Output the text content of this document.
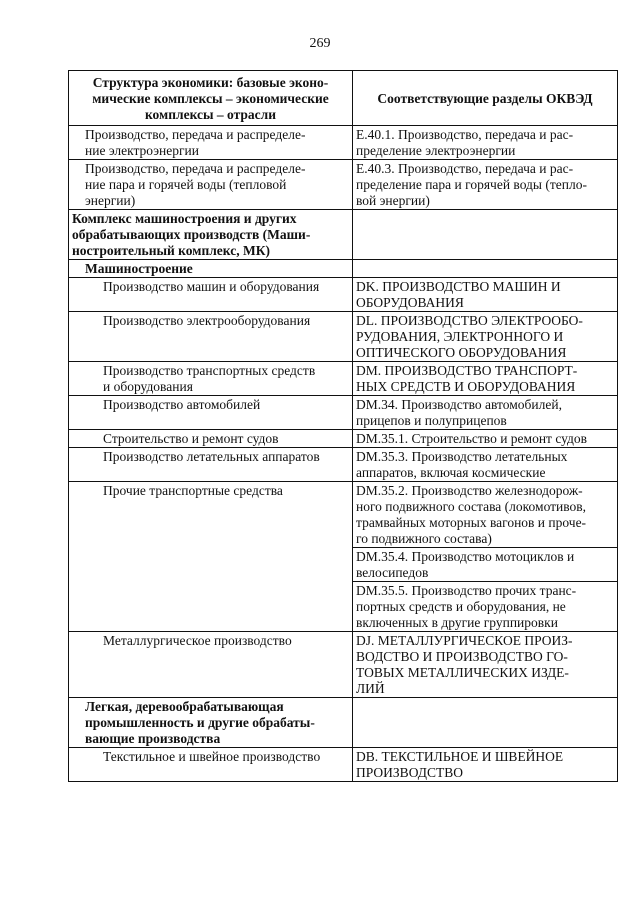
269
Структура экономики: базовые эконо-
мические комплексы – экономические
комплексы – отрасли	Соответствующие разделы ОКВЭД
Производство, передача и распределе-
ние электроэнергии	E.40.1. Производство, передача и рас-
пределение электроэнергии
Производство, передача и распределе-
ние пара и горячей воды (тепловой
энергии)	E.40.3. Производство, передача и рас-
пределение пара и горячей воды (тепло-
вой энергии)
Комплекс машиностроения и других
обрабатывающих производств (Маши-
ностроительный комплекс, МК)	
Машиностроение	
Производство машин и оборудования	DK. ПРОИЗВОДСТВО МАШИН И
ОБОРУДОВАНИЯ
Производство электрооборудования	DL. ПРОИЗВОДСТВО ЭЛЕКТРООБО-
РУДОВАНИЯ, ЭЛЕКТРОННОГО И
ОПТИЧЕСКОГО ОБОРУДОВАНИЯ
Производство транспортных средств
и оборудования	DM. ПРОИЗВОДСТВО ТРАНСПОРТ-
НЫХ СРЕДСТВ И ОБОРУДОВАНИЯ
Производство автомобилей	DM.34. Производство автомобилей,
прицепов и полуприцепов
Строительство и ремонт судов	DM.35.1. Строительство и ремонт судов
Производство летательных аппаратов	DM.35.3. Производство летательных
аппаратов, включая космические
Прочие транспортные средства	DM.35.2. Производство железнодорож-
ного подвижного состава (локомотивов,
трамвайных моторных вагонов и проче-
го подвижного состава)
	DM.35.4. Производство мотоциклов и
велосипедов
	DM.35.5. Производство прочих транс-
портных средств и оборудования, не
включенных в другие группировки
Металлургическое производство	DJ. МЕТАЛЛУРГИЧЕСКОЕ ПРОИЗ-
ВОДСТВО И ПРОИЗВОДСТВО ГО-
ТОВЫХ МЕТАЛЛИЧЕСКИХ ИЗДЕ-
ЛИЙ
Легкая, деревообрабатывающая
промышленность и другие обрабаты-
вающие производства	
Текстильное и швейное производство	DB. ТЕКСТИЛЬНОЕ И ШВЕЙНОЕ
ПРОИЗВОДСТВО
